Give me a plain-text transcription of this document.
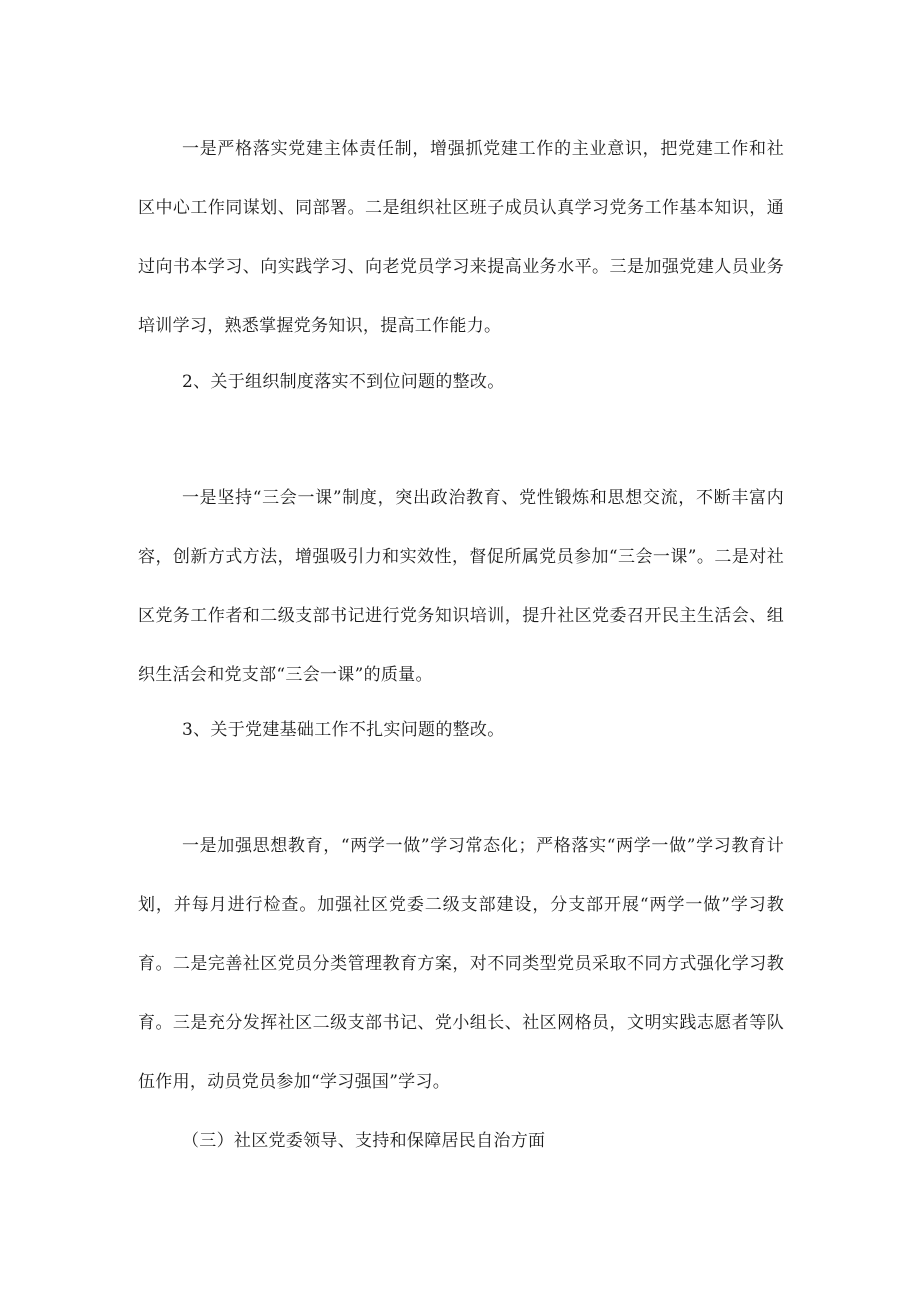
一是严格落实党建主体责任制，增强抓党建工作的主业意识，把党建工作和社区中心工作同谋划、同部署。二是组织社区班子成员认真学习党务工作基本知识，通过向书本学习、向实践学习、向老党员学习来提高业务水平。三是加强党建人员业务培训学习，熟悉掌握党务知识，提高工作能力。

2、关于组织制度落实不到位问题的整改。

一是坚持“三会一课”制度，突出政治教育、党性锻炼和思想交流，不断丰富内容，创新方式方法，增强吸引力和实效性，督促所属党员参加“三会一课”。二是对社区党务工作者和二级支部书记进行党务知识培训，提升社区党委召开民主生活会、组织生活会和党支部“三会一课”的质量。

3、关于党建基础工作不扎实问题的整改。

一是加强思想教育，“两学一做”学习常态化；严格落实“两学一做”学习教育计划，并每月进行检查。加强社区党委二级支部建设，分支部开展“两学一做”学习教育。二是完善社区党员分类管理教育方案，对不同类型党员采取不同方式强化学习教育。三是充分发挥社区二级支部书记、党小组长、社区网格员，文明实践志愿者等队伍作用，动员党员参加“学习强国”学习。

（三）社区党委领导、支持和保障居民自治方面
